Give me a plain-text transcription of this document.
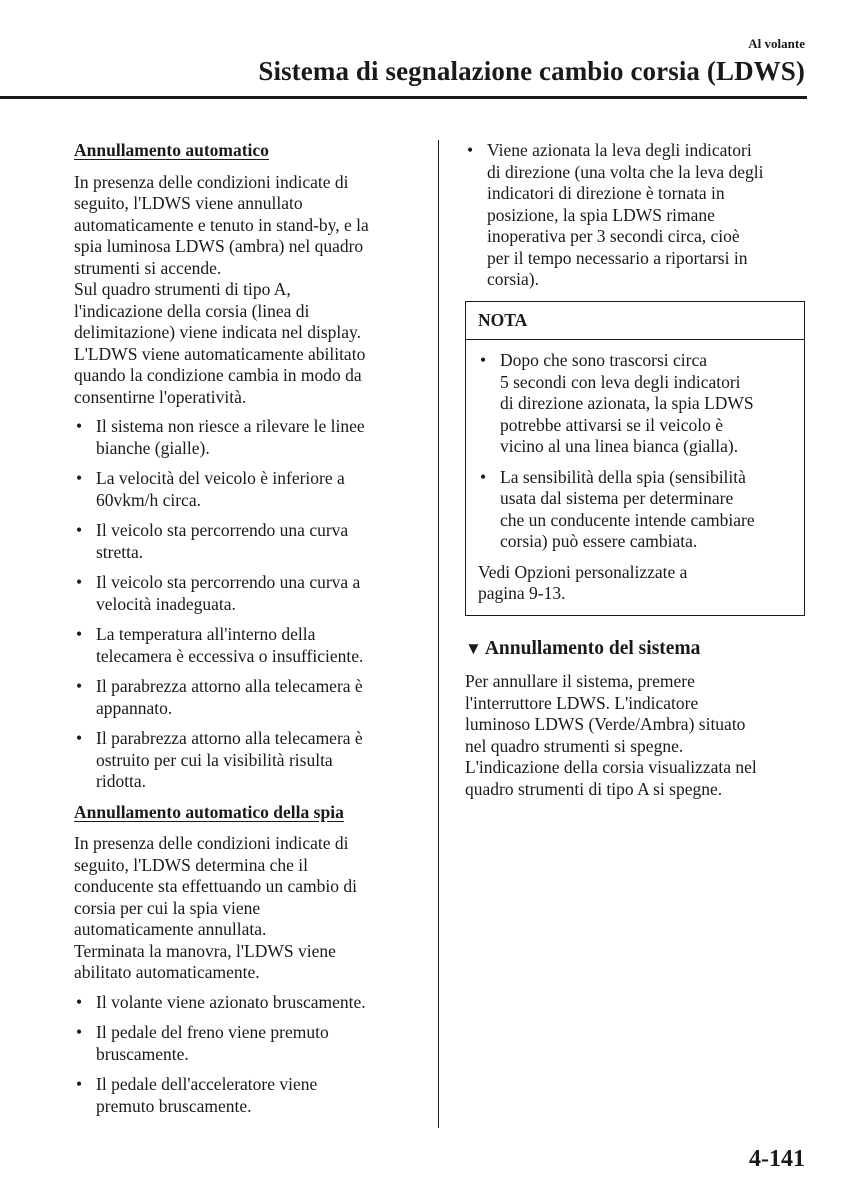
Al volante
Sistema di segnalazione cambio corsia (LDWS)
Annullamento automatico
In presenza delle condizioni indicate di
seguito, l'LDWS viene annullato
automaticamente e tenuto in stand-by, e la
spia luminosa LDWS (ambra) nel quadro
strumenti si accende.
Sul quadro strumenti di tipo A,
l'indicazione della corsia (linea di
delimitazione) viene indicata nel display.
L'LDWS viene automaticamente abilitato
quando la condizione cambia in modo da
consentirne l'operatività.
• Il sistema non riesce a rilevare le linee
bianche (gialle).
• La velocità del veicolo è inferiore a
60vkm/h circa.
• Il veicolo sta percorrendo una curva
stretta.
• Il veicolo sta percorrendo una curva a
velocità inadeguata.
• La temperatura all'interno della
telecamera è eccessiva o insufficiente.
• Il parabrezza attorno alla telecamera è
appannato.
• Il parabrezza attorno alla telecamera è
ostruito per cui la visibilità risulta
ridotta.
Annullamento automatico della spia
In presenza delle condizioni indicate di
seguito, l'LDWS determina che il
conducente sta effettuando un cambio di
corsia per cui la spia viene
automaticamente annullata.
Terminata la manovra, l'LDWS viene
abilitato automaticamente.
• Il volante viene azionato bruscamente.
• Il pedale del freno viene premuto
bruscamente.
• Il pedale dell'acceleratore viene
premuto bruscamente.
• Viene azionata la leva degli indicatori
di direzione (una volta che la leva degli
indicatori di direzione è tornata in
posizione, la spia LDWS rimane
inoperativa per 3 secondi circa, cioè
per il tempo necessario a riportarsi in
corsia).
NOTA
• Dopo che sono trascorsi circa
5 secondi con leva degli indicatori
di direzione azionata, la spia LDWS
potrebbe attivarsi se il veicolo è
vicino al una linea bianca (gialla).
• La sensibilità della spia (sensibilità
usata dal sistema per determinare
che un conducente intende cambiare
corsia) può essere cambiata.
Vedi Opzioni personalizzate a
pagina 9-13.
▼ Annullamento del sistema
Per annullare il sistema, premere
l'interruttore LDWS. L'indicatore
luminoso LDWS (Verde/Ambra) situato
nel quadro strumenti si spegne.
L'indicazione della corsia visualizzata nel
quadro strumenti di tipo A si spegne.
4-141
